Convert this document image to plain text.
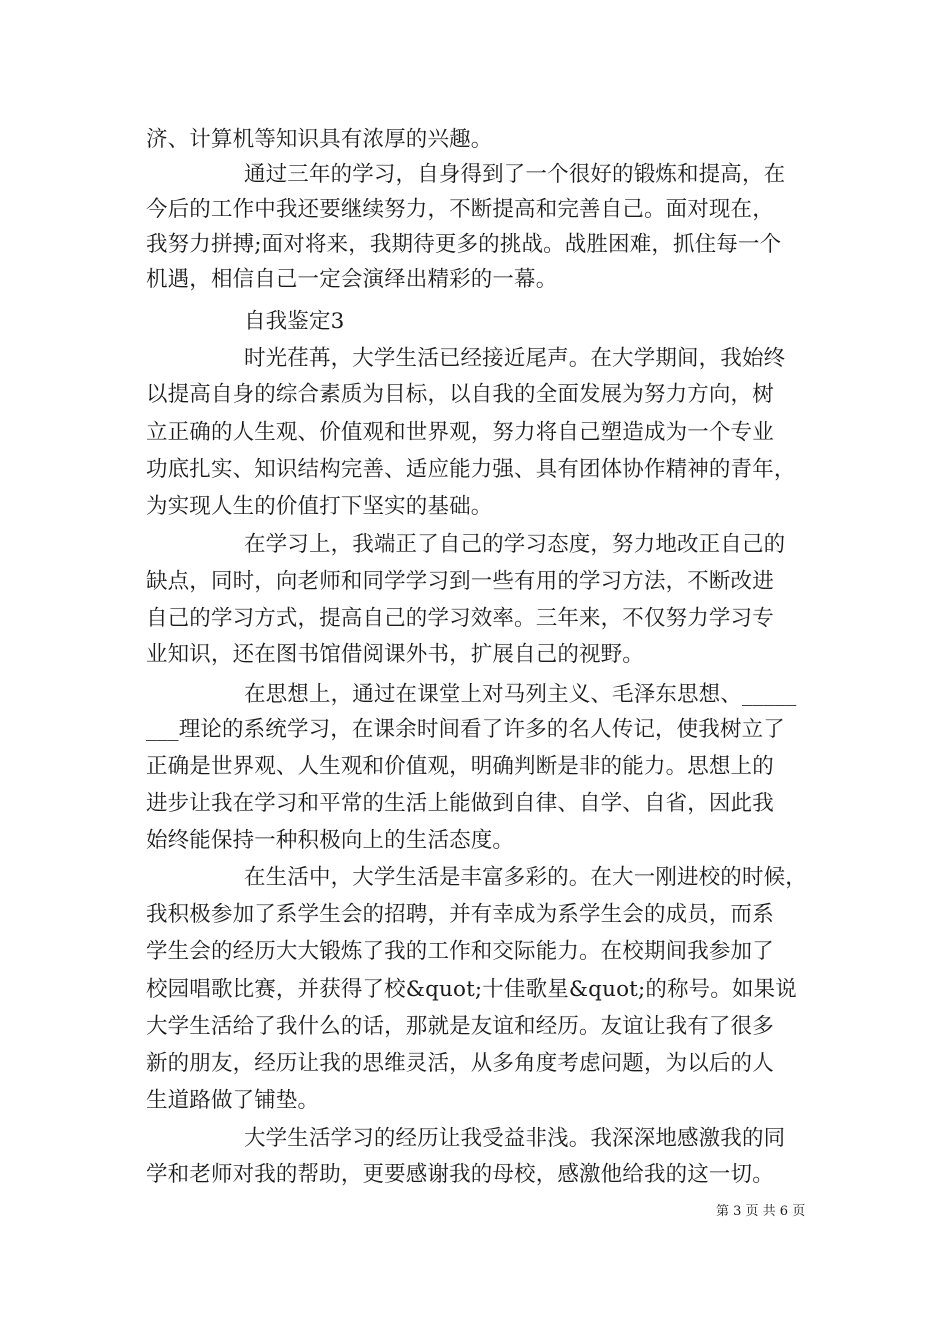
济、计算机等知识具有浓厚的兴趣。
通过三年的学习，自身得到了一个很好的锻炼和提高，在
今后的工作中我还要继续努力，不断提高和完善自己。面对现在，
我努力拼搏;面对将来，我期待更多的挑战。战胜困难，抓住每一个
机遇，相信自己一定会演绎出精彩的一幕。
自我鉴定3
时光荏苒，大学生活已经接近尾声。在大学期间，我始终
以提高自身的综合素质为目标，以自我的全面发展为努力方向，树
立正确的人生观、价值观和世界观，努力将自己塑造成为一个专业
功底扎实、知识结构完善、适应能力强、具有团体协作精神的青年，
为实现人生的价值打下坚实的基础。
在学习上，我端正了自己的学习态度，努力地改正自己的
缺点，同时，向老师和同学学习到一些有用的学习方法，不断改进
自己的学习方式，提高自己的学习效率。三年来，不仅努力学习专
业知识，还在图书馆借阅课外书，扩展自己的视野。
在思想上，通过在课堂上对马列主义、毛泽东思想、_____
___理论的系统学习，在课余时间看了许多的名人传记，使我树立了
正确是世界观、人生观和价值观，明确判断是非的能力。思想上的
进步让我在学习和平常的生活上能做到自律、自学、自省，因此我
始终能保持一种积极向上的生活态度。
在生活中，大学生活是丰富多彩的。在大一刚进校的时候，
我积极参加了系学生会的招聘，并有幸成为系学生会的成员，而系
学生会的经历大大锻炼了我的工作和交际能力。在校期间我参加了
校园唱歌比赛，并获得了校&quot;十佳歌星&quot;的称号。如果说
大学生活给了我什么的话，那就是友谊和经历。友谊让我有了很多
新的朋友，经历让我的思维灵活，从多角度考虑问题，为以后的人
生道路做了铺垫。
大学生活学习的经历让我受益非浅。我深深地感激我的同
学和老师对我的帮助，更要感谢我的母校，感激他给我的这一切。
第 3 页 共 6 页
